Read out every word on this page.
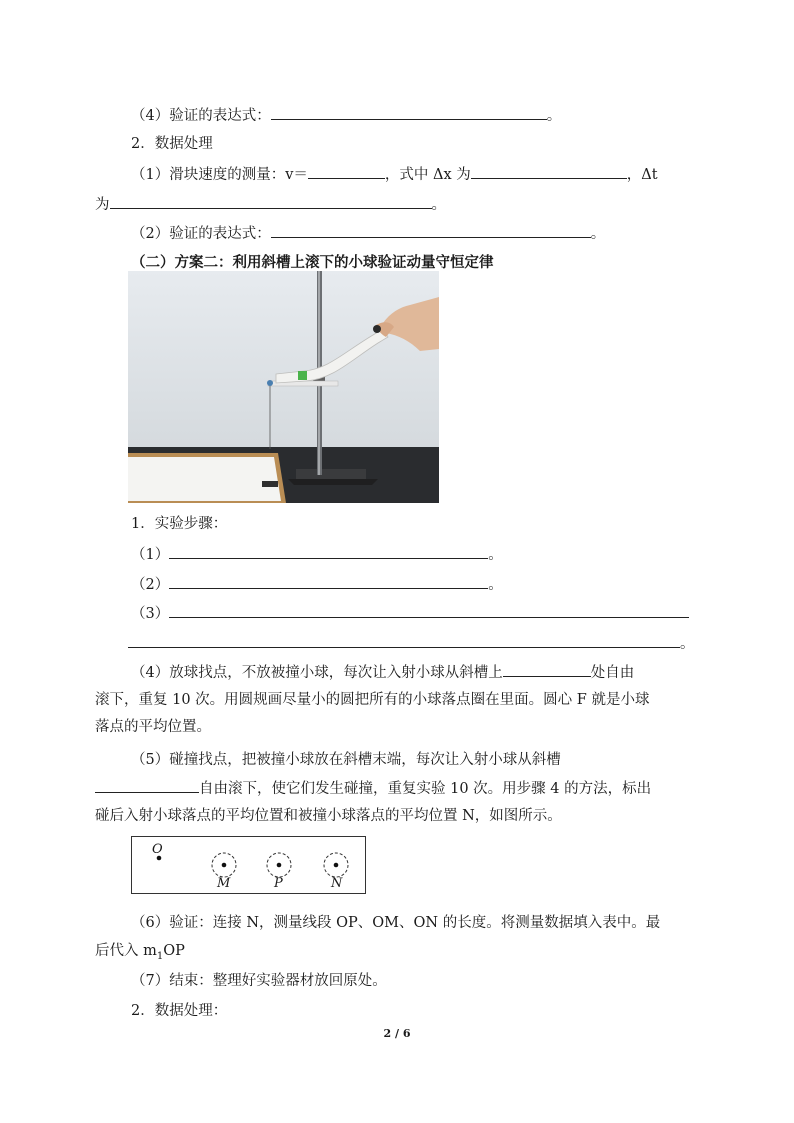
（4）验证的表达式：	。
2．数据处理
（1）滑块速度的测量：v＝	，式中 Δx 为	，Δt
为	。
（2）验证的表达式：	。
（二）方案二：利用斜槽上滚下的小球验证动量守恒定律
1．实验步骤：
（1）	。
（2）	。
（3）
。
（4）放球找点，不放被撞小球，每次让入射小球从斜槽上	处自由
滚下，重复 10 次。用圆规画尽量小的圆把所有的小球落点圈在里面。圆心 F 就是小球
落点的平均位置。
（5）碰撞找点，把被撞小球放在斜槽末端，每次让入射小球从斜槽
自由滚下，使它们发生碰撞，重复实验 10 次。用步骤 4 的方法，标出
碰后入射小球落点的平均位置和被撞小球落点的平均位置 N，如图所示。
O
M	P	N
（6）验证：连接 N，测量线段 OP、OM、ON 的长度。将测量数据填入表中。最
后代入 $m_1OP$
（7）结束：整理好实验器材放回原处。
2．数据处理：
2 / 6
